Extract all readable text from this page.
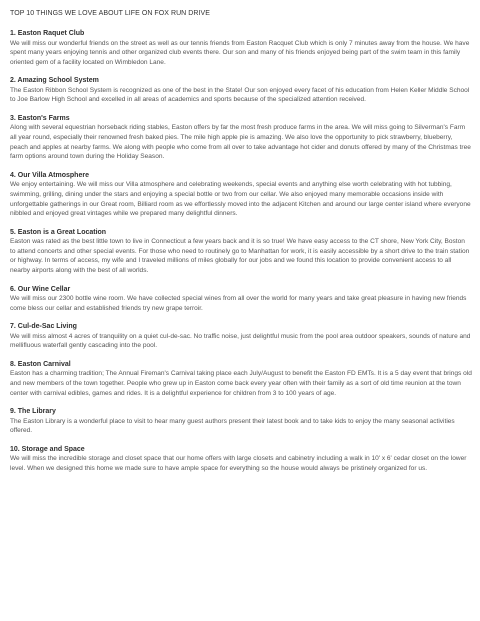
TOP 10 THINGS WE LOVE ABOUT LIFE ON FOX RUN DRIVE
1. Easton Raquet Club

We will miss our wonderful friends on the street as well as our tennis friends from Easton Racquet Club which is only 7 minutes away from the house. We have spent many years enjoying tennis and other organized club events there. Our son and many of his friends enjoyed being part of the swim team in this family oriented gem of a facility located on Wimbledon Lane.

2. Amazing School System

The Easton Ribbon School System is recognized as one of the best in the State! Our son enjoyed every facet of his education from Helen Keller Middle School to Joe Barlow High School and excelled in all areas of academics and sports because of the specialized attention received.

3. Easton's Farms

Along with several equestrian horseback riding stables, Easton offers by far the most fresh produce farms in the area. We will miss going to Silverman's Farm all year round, especially their renowned fresh baked pies. The mile high apple pie is amazing. We also love the opportunity to pick strawberry, blueberry, peach and apples at nearby farms. We along with people who come from all over to take advantage hot cider and donuts offered by many of the Christmas tree farm options around town during the Holiday Season.

4. Our Villa Atmosphere

We enjoy entertaining. We will miss our Villa atmosphere and celebrating weekends, special events and anything else worth celebrating with hot tubbing, swimming, grilling, dining under the stars and enjoying a special bottle or two from our cellar. We also enjoyed many memorable occasions inside with unforgettable gatherings in our Great room, Billiard room as we effortlessly moved into the adjacent Kitchen and around our large center island where everyone nibbled and enjoyed great vintages while we prepared many delightful dinners.

5. Easton is a Great Location

Easton was rated as the best little town to live in Connecticut a few years back and it is so true! We have easy access to the CT shore, New York City, Boston to attend concerts and other special events. For those who need to routinely go to Manhattan for work, it is easily accessible by a short drive to the train station or highway. In terms of access, my wife and I traveled millions of miles globally for our jobs and we found this location to provide convenient access to all nearby airports along with the best of all worlds.

6. Our Wine Cellar

We will miss our 2300 bottle wine room. We have collected special wines from all over the world for many years and take great pleasure in having new friends come bless our cellar and established friends try new grape terroir.

7. Cul-de-Sac Living

We will miss almost 4 acres of tranquility on a quiet cul-de-sac. No traffic noise, just delightful music from the pool area outdoor speakers, sounds of nature and mellifluous waterfall gently cascading into the pool.

8. Easton Carnival

Easton has a charming tradition; The Annual Fireman's Carnival taking place each July/August to benefit the Easton FD EMTs. It is a 5 day event that brings old and new members of the town together. People who grew up in Easton come back every year often with their family as a sort of old time reunion at the town center with carnival edibles, games and rides. It is a delightful experience for children from 3 to 100 years of age.

9. The Library

The Easton Library is a wonderful place to visit to hear many guest authors present their latest book and to take kids to enjoy the many seasonal activities offered.

10. Storage and Space

We will miss the incredible storage and closet space that our home offers with large closets and cabinetry including a walk in 10' x 6' cedar closet on the lower level. When we designed this home we made sure to have ample space for everything so the house would always be pristinely organized for us.
